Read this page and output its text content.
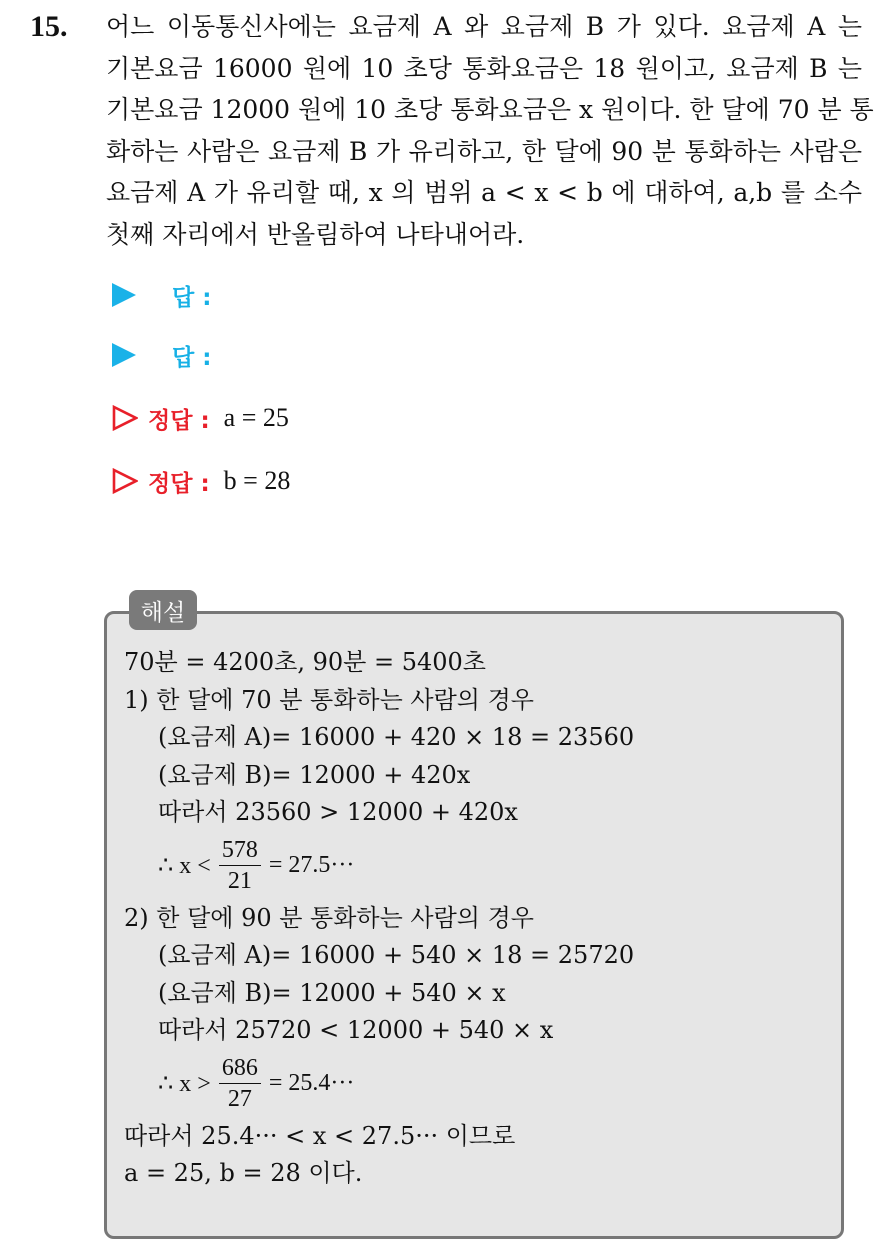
15. 어느 이동통신사에는 요금제 A 와 요금제 B 가 있다. 요금제 A 는
기본요금 16000 원에 10 초당 통화요금은 18 원이고, 요금제 B 는
기본요금 12000 원에 10 초당 통화요금은 x 원이다. 한 달에 70 분 통
화하는 사람은 요금제 B 가 유리하고, 한 달에 90 분 통화하는 사람은
요금제 A 가 유리할 때, x 의 범위 a < x < b 에 대하여, a,b 를 소수
첫째 자리에서 반올림하여 나타내어라.
답 :
답 :
정답 : a = 25
정답 : b = 28
해설
70분 = 4200초, 90분 = 5400초
1) 한 달에 70 분 통화하는 사람의 경우
(요금제 A)= 16000 + 420 × 18 = 23560
(요금제 B)= 12000 + 420x
따라서 23560 > 12000 + 420x
∴ $x < \frac{578}{21} = 27.5\cdot\cdot\cdot$
2) 한 달에 90 분 통화하는 사람의 경우
(요금제 A)= 16000 + 540 × 18 = 25720
(요금제 B)= 12000 + 540 × x
따라서 25720 < 12000 + 540 × x
∴ $x > \frac{686}{27} = 25.4\cdot\cdot\cdot$
따라서 25.4··· < x < 27.5··· 이므로
a = 25, b = 28 이다.
